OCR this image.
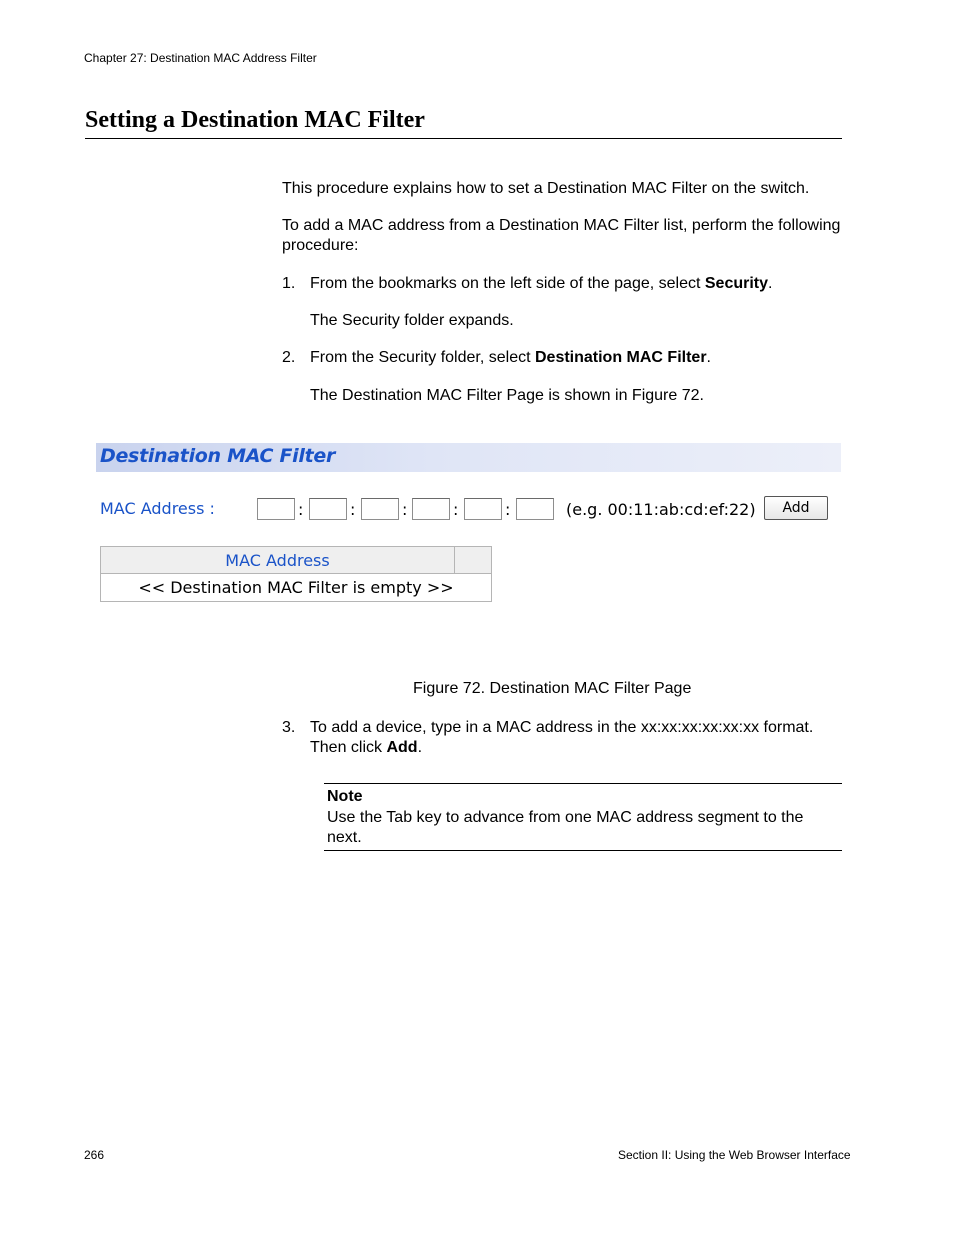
Chapter 27: Destination MAC Address Filter
Setting a Destination MAC Filter
This procedure explains how to set a Destination MAC Filter on the switch.
To add a MAC address from a Destination MAC Filter list, perform the following procedure:
1. From the bookmarks on the left side of the page, select Security.
The Security folder expands.
2. From the Security folder, select Destination MAC Filter.
The Destination MAC Filter Page is shown in Figure 72.
Destination MAC Filter
MAC Address :	:	:	:	:	:	(e.g. 00:11:ab:cd:ef:22)	Add
MAC Address
<< Destination MAC Filter is empty >>
Figure 72. Destination MAC Filter Page
3. To add a device, type in a MAC address in the xx:xx:xx:xx:xx:xx format. Then click Add.
Note
Use the Tab key to advance from one MAC address segment to the next.
266	Section II: Using the Web Browser Interface
